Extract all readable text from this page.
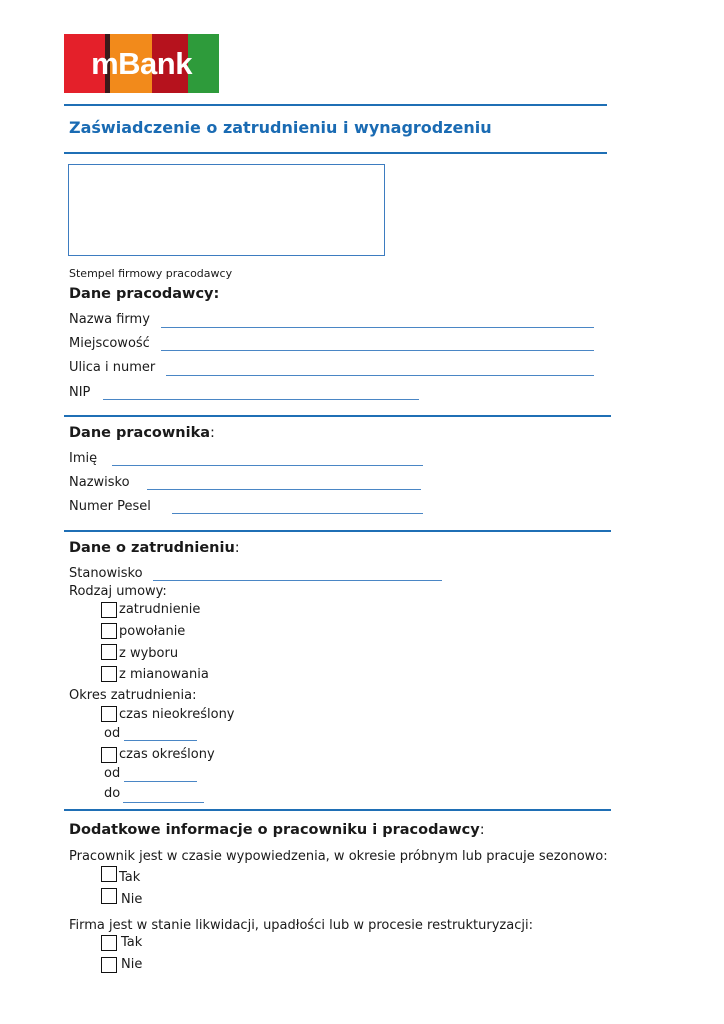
mBank
Zaświadczenie o zatrudnieniu i wynagrodzeniu
Stempel firmowy pracodawcy
Dane pracodawcy:
Nazwa firmy
Miejscowość
Ulica i numer
NIP
Dane pracownika:
Imię
Nazwisko
Numer Pesel
Dane o zatrudnieniu:
Stanowisko
Rodzaj umowy:
zatrudnienie
powołanie
z wyboru
z mianowania
Okres zatrudnienia:
czas nieokreślony
od
czas określony
od
do
Dodatkowe informacje o pracowniku i pracodawcy:
Pracownik jest w czasie wypowiedzenia, w okresie próbnym lub pracuje sezonowo:
Tak
Nie
Firma jest w stanie likwidacji, upadłości lub w procesie restrukturyzacji:
Tak
Nie
